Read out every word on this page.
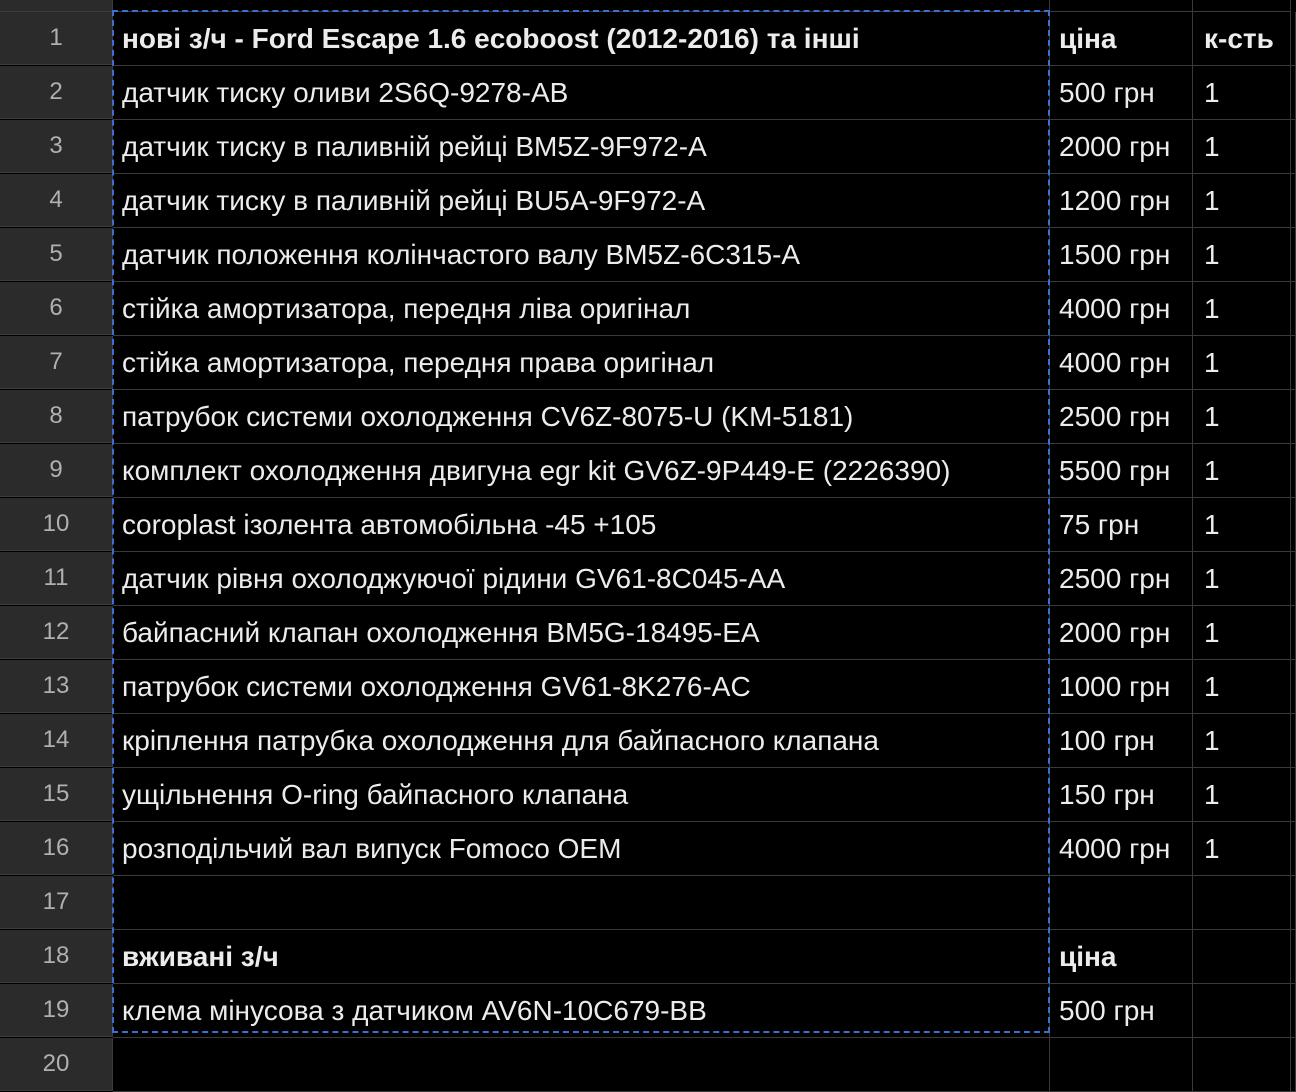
1	нові з/ч - Ford Escape 1.6 ecoboost (2012-2016) та інші	ціна	к-сть
2	датчик тиску оливи 2S6Q-9278-AB	500 грн	1
3	датчик тиску в паливній рейці BM5Z-9F972-A	2000 грн	1
4	датчик тиску в паливній рейці BU5A-9F972-A	1200 грн	1
5	датчик положення колінчастого валу BM5Z-6C315-A	1500 грн	1
6	стійка амортизатора, передня ліва оригінал	4000 грн	1
7	стійка амортизатора, передня права оригінал	4000 грн	1
8	патрубок системи охолодження CV6Z-8075-U (KM-5181)	2500 грн	1
9	комплект охолодження двигуна egr kit GV6Z-9P449-E (2226390)	5500 грн	1
10	coroplast ізолента автомобільна -45 +105	75 грн	1
11	датчик рівня охолоджуючої рідини GV61-8C045-AA	2500 грн	1
12	байпасний клапан охолодження BM5G-18495-EA	2000 грн	1
13	патрубок системи охолодження GV61-8K276-AC	1000 грн	1
14	кріплення патрубка охолодження для байпасного клапана	100 грн	1
15	ущільнення O-ring байпасного клапана	150 грн	1
16	розподільчий вал випуск Fomoco OEM	4000 грн	1
17
18	вживані з/ч	ціна
19	клема мінусова з датчиком AV6N-10C679-BB	500 грн
20
